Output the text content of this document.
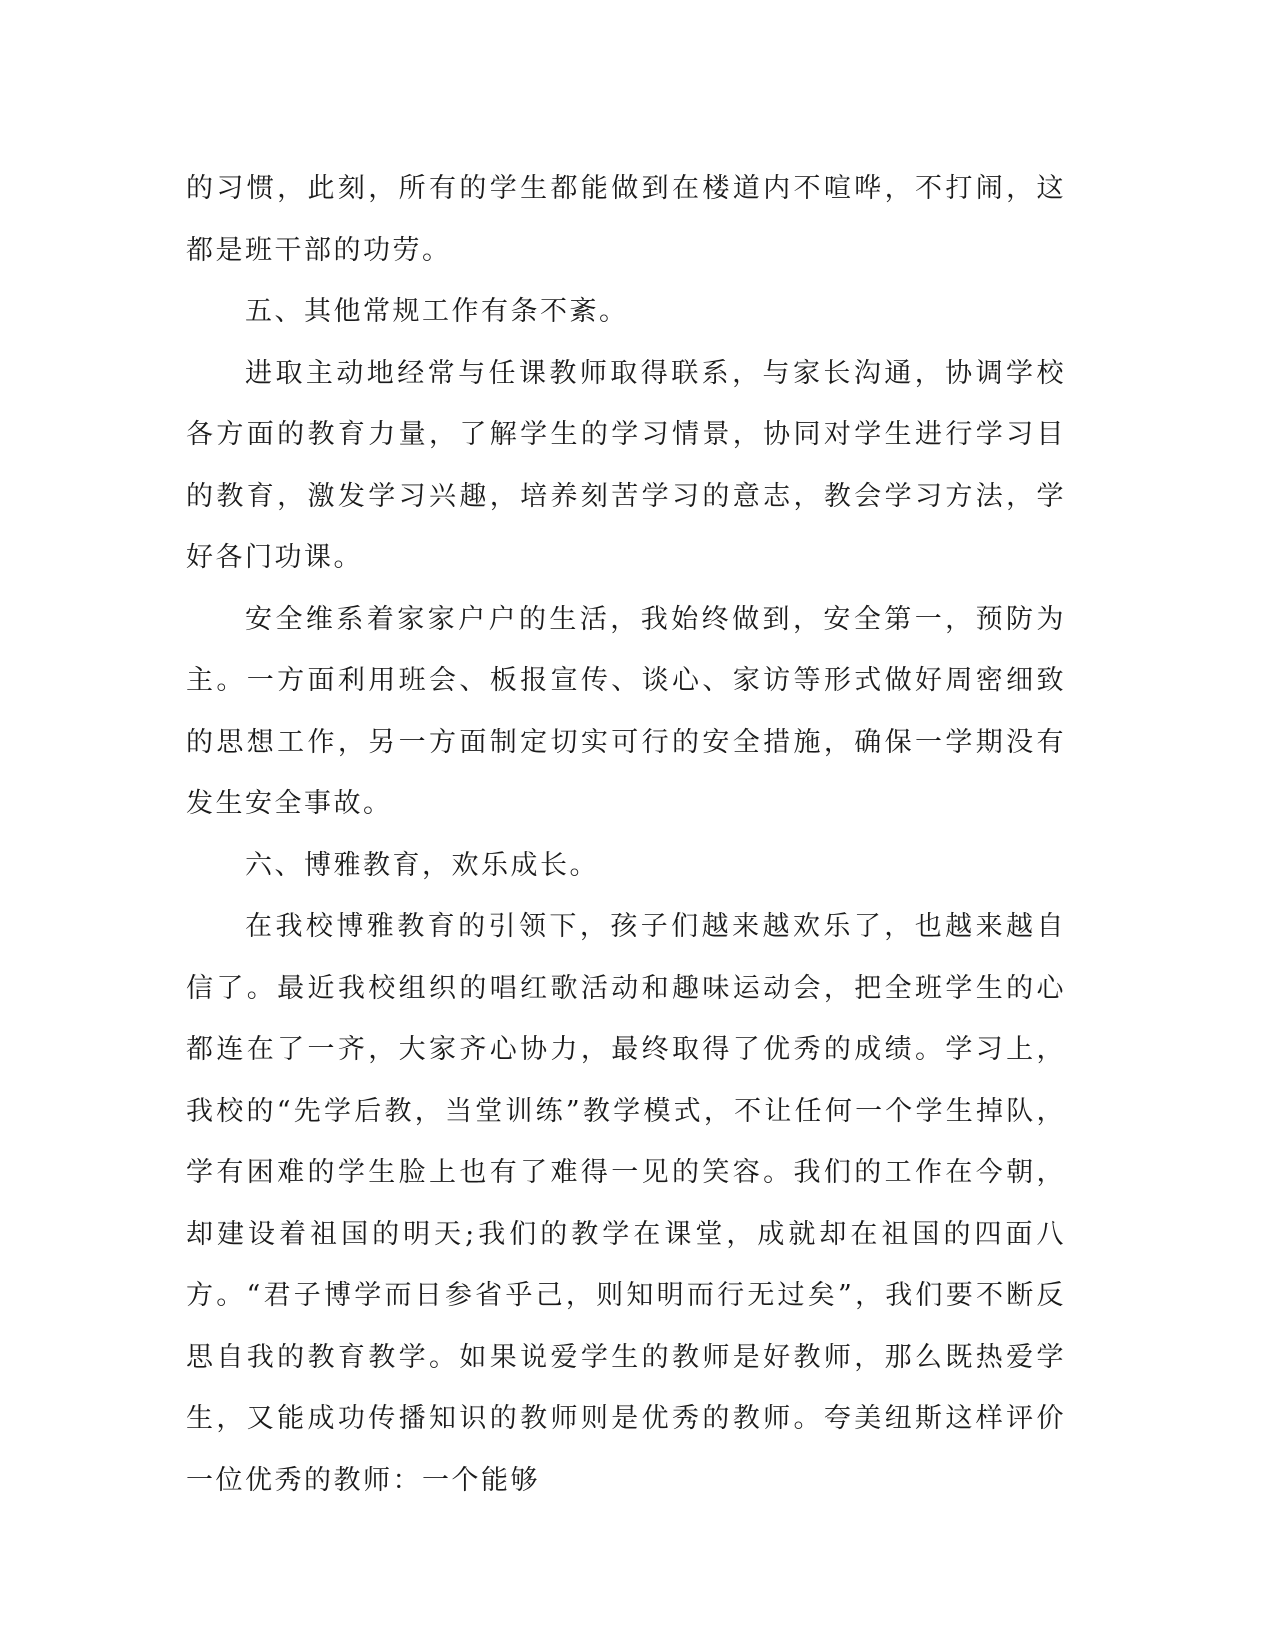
的习惯，此刻，所有的学生都能做到在楼道内不喧哗，不打闹，这都是班干部的功劳。

五、其他常规工作有条不紊。

进取主动地经常与任课教师取得联系，与家长沟通，协调学校各方面的教育力量，了解学生的学习情景，协同对学生进行学习目的教育，激发学习兴趣，培养刻苦学习的意志，教会学习方法，学好各门功课。

安全维系着家家户户的生活，我始终做到，安全第一，预防为主。一方面利用班会、板报宣传、谈心、家访等形式做好周密细致的思想工作，另一方面制定切实可行的安全措施，确保一学期没有发生安全事故。

六、博雅教育，欢乐成长。

在我校博雅教育的引领下，孩子们越来越欢乐了，也越来越自信了。最近我校组织的唱红歌活动和趣味运动会，把全班学生的心都连在了一齐，大家齐心协力，最终取得了优秀的成绩。学习上，我校的“先学后教，当堂训练”教学模式，不让任何一个学生掉队，学有困难的学生脸上也有了难得一见的笑容。我们的工作在今朝，却建设着祖国的明天;我们的教学在课堂，成就却在祖国的四面八方。“君子博学而日参省乎己，则知明而行无过矣”，我们要不断反思自我的教育教学。如果说爱学生的教师是好教师，那么既热爱学生，又能成功传播知识的教师则是优秀的教师。夸美纽斯这样评价一位优秀的教师：一个能够
